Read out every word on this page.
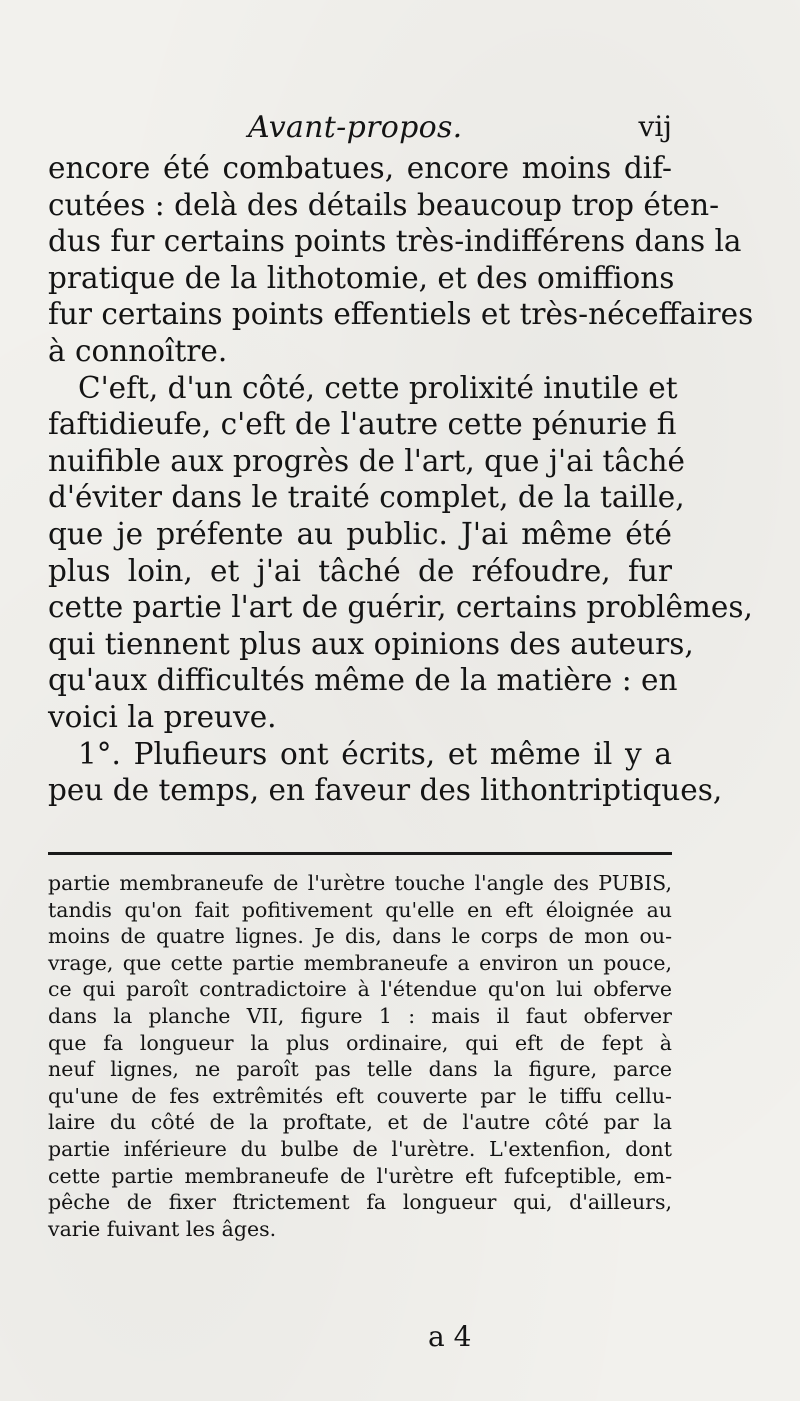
Avant-propos.	vij
encore été combatues, encore moins dif-
cutées : delà des détails beaucoup trop éten-
dus fur certains points très-indifférens dans la
pratique de la lithotomie, et des omiffions
fur certains points effentiels et très-néceffaires
à connoître.
C'eft, d'un côté, cette prolixité inutile et
faftidieufe, c'eft de l'autre cette pénurie fi
nuifible aux progrès de l'art, que j'ai tâché
d'éviter dans le traité complet, de la taille,
que je préfente au public. J'ai même été
plus loin, et j'ai tâché de réfoudre, fur
cette partie l'art de guérir, certains problêmes,
qui tiennent plus aux opinions des auteurs,
qu'aux difficultés même de la matière : en
voici la preuve.
1°. Plufieurs ont écrits, et même il y a
peu de temps, en faveur des lithontriptiques,
partie membraneufe de l'urètre touche l'angle des PUBIS,
tandis qu'on fait pofitivement qu'elle en eft éloignée au
moins de quatre lignes. Je dis, dans le corps de mon ou-
vrage, que cette partie membraneufe a environ un pouce,
ce qui paroît contradictoire à l'étendue qu'on lui obferve
dans la planche VII, figure 1 : mais il faut obferver
que fa longueur la plus ordinaire, qui eft de fept à
neuf lignes, ne paroît pas telle dans la figure, parce
qu'une de fes extrêmités eft couverte par le tiffu cellu-
laire du côté de la proftate, et de l'autre côté par la
partie inférieure du bulbe de l'urètre. L'extenfion, dont
cette partie membraneufe de l'urètre eft fufceptible, em-
pêche de fixer ftrictement fa longueur qui, d'ailleurs,
varie fuivant les âges.
a 4
